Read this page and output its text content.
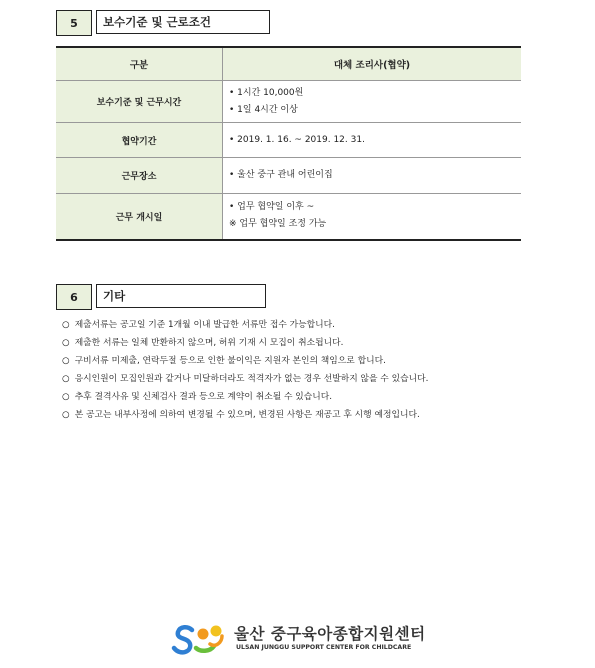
5	보수기준 및 근로조건
구분	대체 조리사(협약)
보수기준 및 근무시간	• 1시간 10,000원
• 1일 4시간 이상

협약기간	• 2019. 1. 16. ~ 2019. 12. 31.

근무장소	• 울산 중구 관내 어린이집

근무 개시일	• 업무 협약일 이후 ~
※ 업무 협약일 조정 가능
6	기타
○ 제출서류는 공고일 기준 1개월 이내 발급한 서류만 접수 가능합니다.
○ 제출한 서류는 일체 반환하지 않으며, 허위 기재 시 모집이 취소됩니다.
○ 구비서류 미제출, 연락두절 등으로 인한 불이익은 지원자 본인의 책임으로 합니다.
○ 응시인원이 모집인원과 같거나 미달하더라도 적격자가 없는 경우 선발하지 않을 수 있습니다.
○ 추후 결격사유 및 신체검사 결과 등으로 계약이 취소될 수 있습니다.
○ 본 공고는 내부사정에 의하여 변경될 수 있으며, 변경된 사항은 재공고 후 시행 예정입니다.
울산 중구육아종합지원센터
ULSAN JUNGGU SUPPORT CENTER FOR CHILDCARE
